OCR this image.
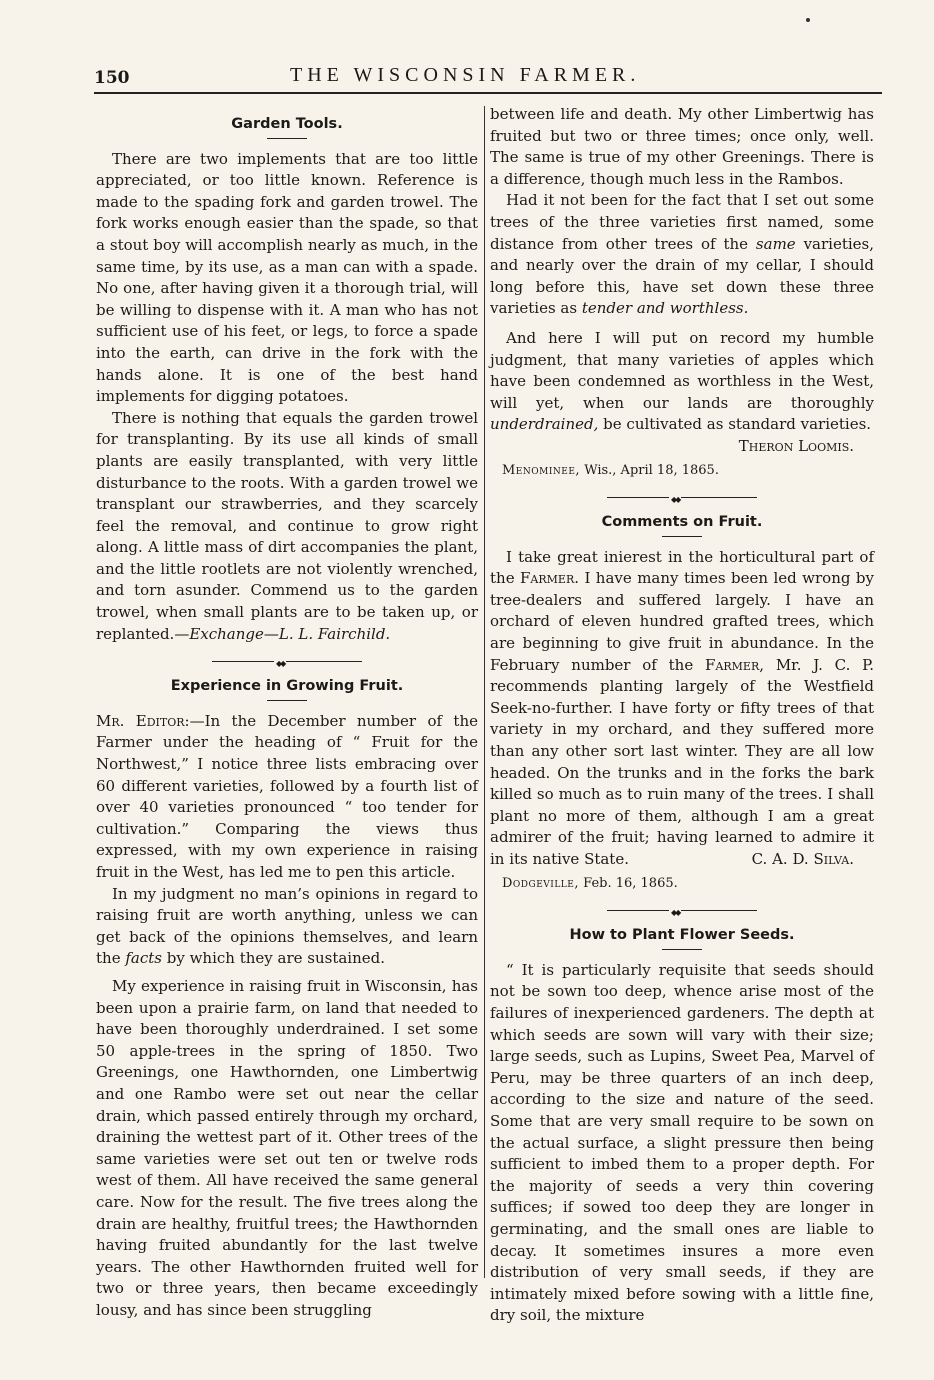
150	THE WISCONSIN FARMER.
Garden Tools.

There are two implements that are too little appreciated, or too little known. Reference is made to the spading fork and garden trowel. The fork works enough easier than the spade, so that a stout boy will accomplish nearly as much, in the same time, by its use, as a man can with a spade. No one, after having given it a thorough trial, will be willing to dispense with it. A man who has not sufficient use of his feet, or legs, to force a spade into the earth, can drive in the fork with the hands alone. It is one of the best hand implements for digging potatoes.

There is nothing that equals the garden trowel for transplanting. By its use all kinds of small plants are easily transplanted, with very little disturbance to the roots. With a garden trowel we transplant our strawberries, and they scarcely feel the removal, and continue to grow right along. A little mass of dirt accompanies the plant, and the little rootlets are not violently wrenched, and torn asunder. Commend us to the garden trowel, when small plants are to be taken up, or replanted.—Exchange—L. L. Fairchild.

◆◆
Experience in Growing Fruit.

Mr. Editor:—In the December number of the Farmer under the heading of “ Fruit for the Northwest,” I notice three lists embracing over 60 different varieties, followed by a fourth list of over 40 varieties pronounced “ too tender for cultivation.” Comparing the views thus expressed, with my own experience in raising fruit in the West, has led me to pen this article.

In my judgment no man’s opinions in regard to raising fruit are worth anything, unless we can get back of the opinions themselves, and learn the facts by which they are sustained.

My experience in raising fruit in Wisconsin, has been upon a prairie farm, on land that needed to have been thoroughly underdrained. I set some 50 apple-trees in the spring of 1850. Two Greenings, one Hawthornden, one Limbertwig and one Rambo were set out near the cellar drain, which passed entirely through my orchard, draining the wettest part of it. Other trees of the same varieties were set out ten or twelve rods west of them. All have received the same general care. Now for the result. The five trees along the drain are healthy, fruitful trees; the Hawthornden having fruited abundantly for the last twelve years. The other Hawthornden fruited well for two or three years, then became exceedingly lousy, and has since been struggling

between life and death. My other Limbertwig has fruited but two or three times; once only, well. The same is true of my other Greenings. There is a difference, though much less in the Rambos.

Had it not been for the fact that I set out some trees of the three varieties first named, some distance from other trees of the same varieties, and nearly over the drain of my cellar, I should long before this, have set down these three varieties as tender and worthless.

And here I will put on record my humble judgment, that many varieties of apples which have been condemned as worthless in the West, will yet, when our lands are thoroughly underdrained, be cultivated as standard varieties.

Theron Loomis.
Menominee, Wis., April 18, 1865.
◆◆
Comments on Fruit.

I take great inierest in the horticultural part of the Farmer. I have many times been led wrong by tree-dealers and suffered largely. I have an orchard of eleven hundred grafted trees, which are beginning to give fruit in abundance. In the February number of the Farmer, Mr. J. C. P. recommends planting largely of the Westfield Seek-no-further. I have forty or fifty trees of that variety in my orchard, and they suffered more than any other sort last winter. They are all low headed. On the trunks and in the forks the bark killed so much as to ruin many of the trees. I shall plant no more of them, although I am a great admirer of the fruit; having learned to admire it in its native State.	C. A. D. Silva.

Dodgeville, Feb. 16, 1865.
◆◆
How to Plant Flower Seeds.

“ It is particularly requisite that seeds should not be sown too deep, whence arise most of the failures of inexperienced gardeners. The depth at which seeds are sown will vary with their size; large seeds, such as Lupins, Sweet Pea, Marvel of Peru, may be three quarters of an inch deep, according to the size and nature of the seed. Some that are very small require to be sown on the actual surface, a slight pressure then being sufficient to imbed them to a proper depth. For the majority of seeds a very thin covering suffices; if sowed too deep they are longer in germinating, and the small ones are liable to decay. It sometimes insures a more even distribution of very small seeds, if they are intimately mixed before sowing with a little fine, dry soil, the mixture
